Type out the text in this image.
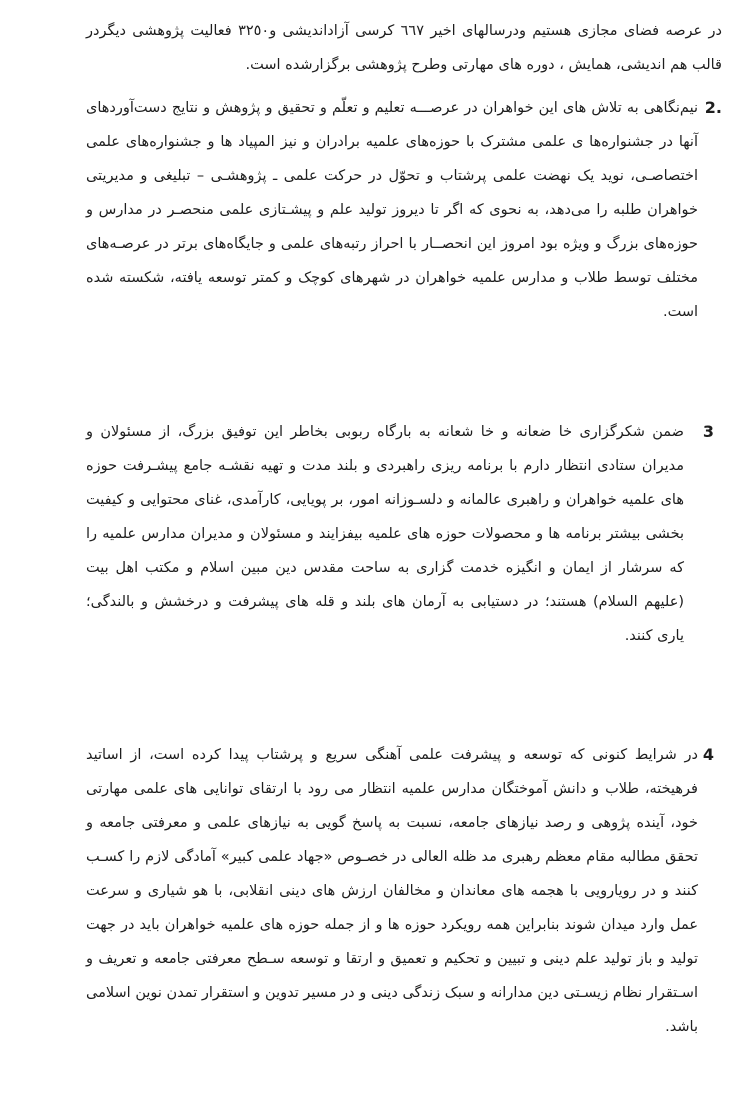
در عرصه فضای مجازی هستیم ودرسالهای اخیر ٦٦٧ کرسی آزاداندیشی و٣٢٥٠ فعالیت پژوهشی دیگردر قالب هم اندیشی، همایش ، دوره های مهارتی وطرح پژوهشی برگزارشده است.

2.

نیم‌نگاهی به تلاش های این خواهران در عرصـــه تعلیم و تعلّم و تحقیق و پژوهش و نتایج دست‌آوردهای آنها در جشنواره‌ها ی علمی مشترک با حوزه‌های علمیه برادران و نیز المپیاد ها و جشنواره‌های علمی اختصاصـی، نوید یک نهضت علمی پرشتاب و تحوّل در حرکت علمی ـ پژوهشـی – تبلیغی و مدیریتی خواهران طلبه را می‌دهد، به نحوی که اگر تا دیروز تولید علم و پیشـتازی علمی منحصـر در مدارس و حوزه‌های بزرگ و ویژه بود امروز این انحصــار با احراز رتبه‌های علمی و جایگاه‌های برتر در عرصـه‌های مختلف توسط طلاب و مدارس علمیه خواهران در شهرهای کوچک و کمتر توسعه یافته، شکسته شده است.

3

ضمن شکرگزاری خا ضعانه و خا شعانه به بارگاه ربوبی بخاطر این توفیق بزرگ، از مسئولان و مدیران ستادی انتظار دارم با برنامه ریزی راهبردی و بلند مدت و تهیه نقشـه جامع پیشـرفت حوزه های علمیه خواهران و راهبری عالمانه و دلسـوزانه امور، بر پویایی، کارآمدی، غنای محتوایی و کیفیت بخشی بیشتر برنامه ها و محصولات حوزه های علمیه بیفزایند و مسئولان و مدیران مدارس علمیه را که سرشار از ایمان و انگیزه خدمت گزاری به ساحت مقدس دین مبین اسلام و مکتب اهل بیت (علیهم السلام) هستند؛ در دستیابی به آرمان های بلند و قله های پیشرفت و درخشش و بالندگی؛ یاری کنند.

4

در شرایط کنونی که توسعه و پیشرفت علمی آهنگی سریع و پرشتاب پیدا کرده است، از اساتید فرهیخته، طلاب و دانش آموختگان مدارس علمیه انتظار می رود با ارتقای توانایی های علمی مهارتی خود، آینده پژوهی و رصد نیازهای جامعه، نسبت به پاسخ گویی به نیازهای علمی و معرفتی جامعه و تحقق مطالبه مقام معظم رهبری مد ظله العالی در خصـوص «جهاد علمی کبیر» آمادگی لازم را کسـب کنند و در رویارویی با هجمه های معاندان و مخالفان ارزش های دینی انقلابی، با هو شیاری و سرعت عمل وارد میدان شوند بنابراین همه رویکرد حوزه ها و از جمله حوزه های علمیه خواهران باید در جهت تولید و باز تولید علم دینی و تبیین و تحکیم و تعمیق و ارتقا و توسعه سـطح معرفتی جامعه و تعریف و اسـتقرار نظام زیسـتی دین مدارانه و سبک زندگی دینی و در مسیر تدوین و استقرار تمدن نوین اسلامی باشد.
